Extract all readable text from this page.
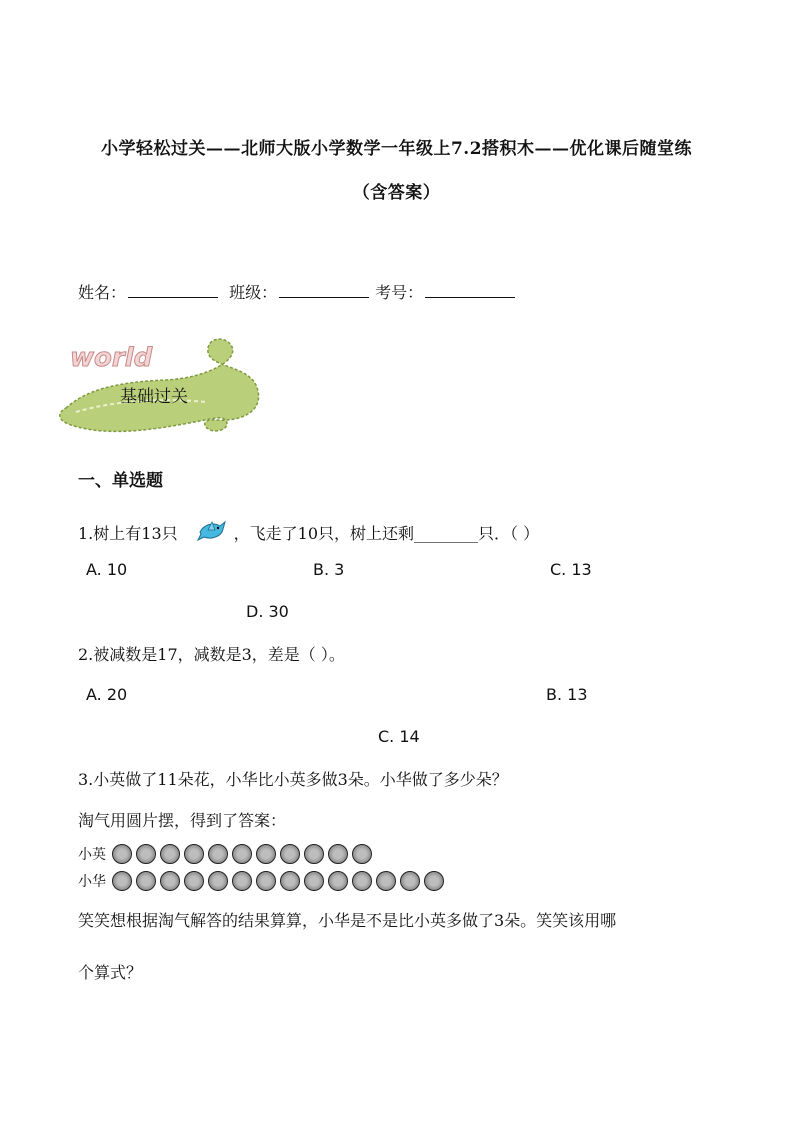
小学轻松过关——北师大版小学数学一年级上7.2搭积木——优化课后随堂练
（含答案）
姓名：	班级：	考号：
world
基础过关
一、单选题
1.树上有13只	，飞走了10只，树上还剩________只．（ ）
A. 10	B. 3	C. 13
D. 30
2.被减数是17，减数是3，差是（ ）。
A. 20	B. 13
C. 14
3.小英做了11朵花，小华比小英多做3朵。小华做了多少朵？
淘气用圆片摆，得到了答案：
小英
小华
笑笑想根据淘气解答的结果算算，小华是不是比小英多做了3朵。笑笑该用哪
个算式？
